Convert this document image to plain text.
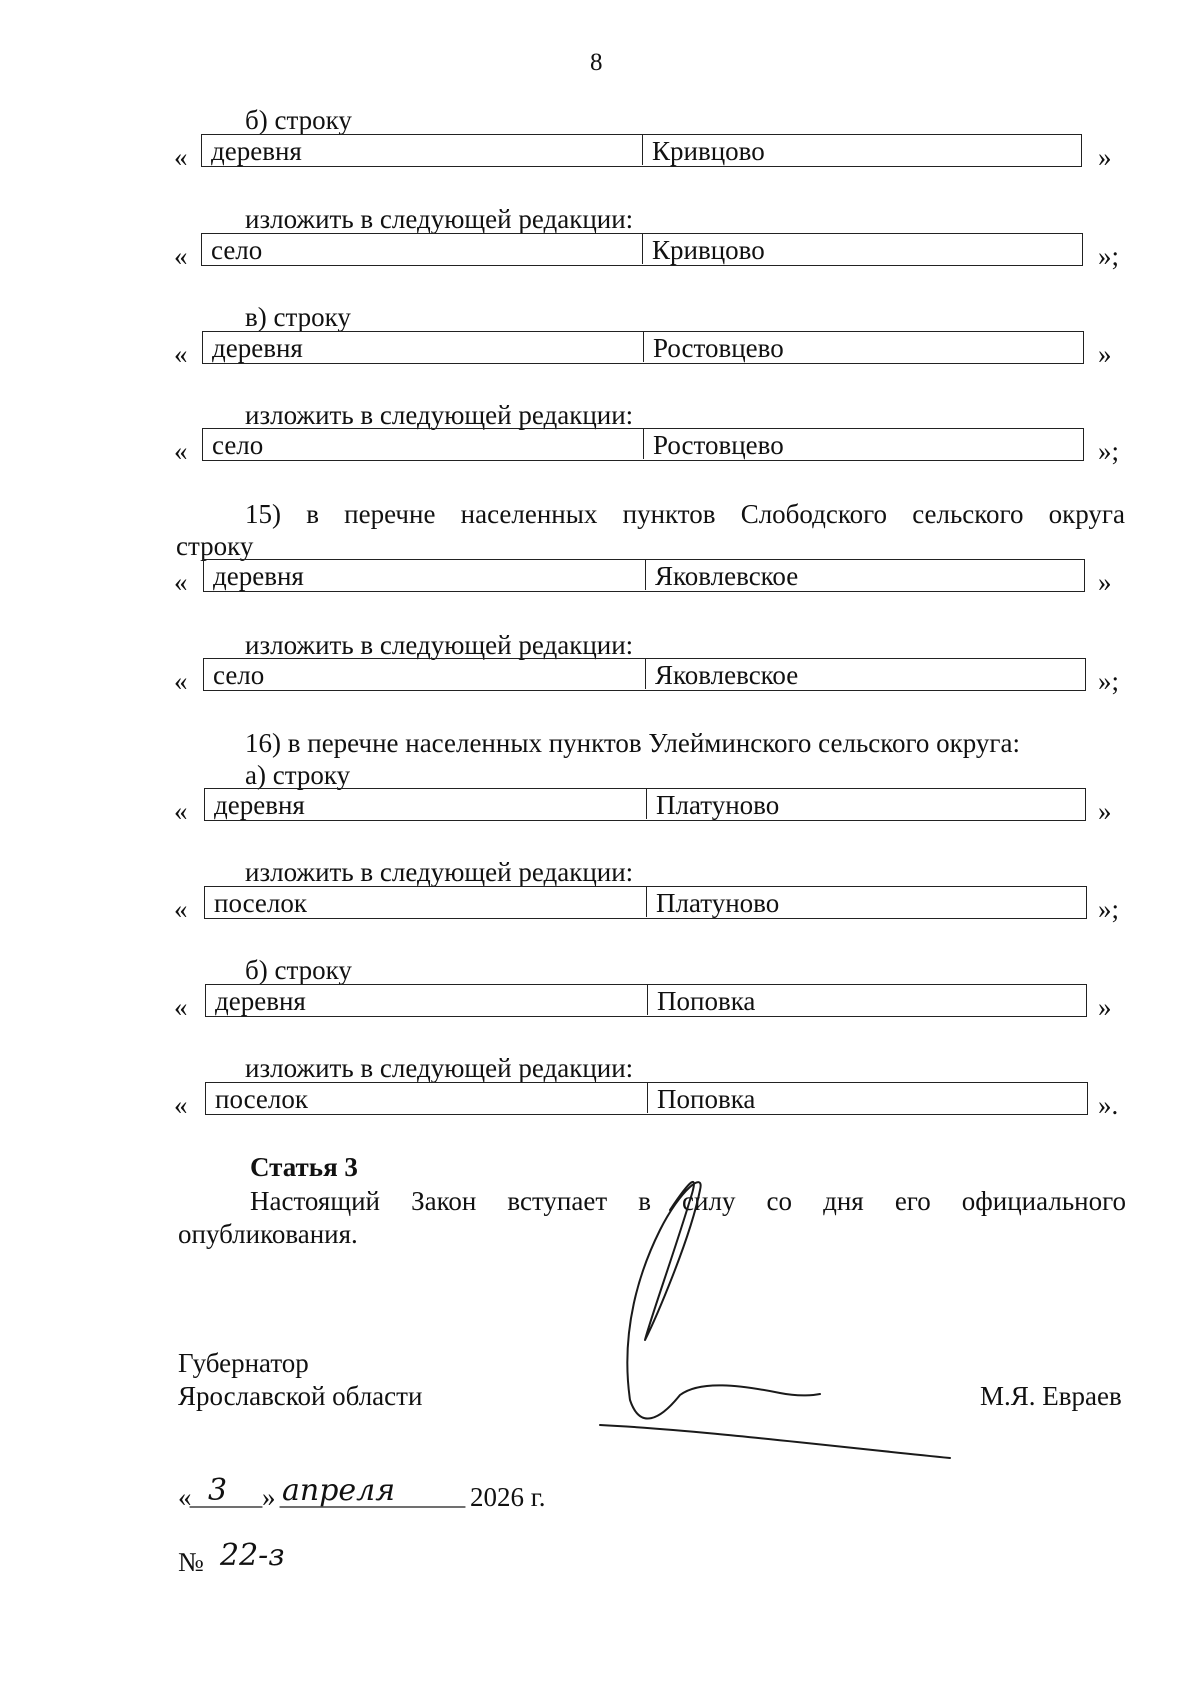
8
б) строку
« деревня	Кривцово	»
изложить в следующей редакции:
« село	Кривцово	»;
в) строку
« деревня	Ростовцево	»
изложить в следующей редакции:
« село	Ростовцево	»;
15) в перечне населенных пунктов Слободского сельского округа
строку
« деревня	Яковлевское	»
изложить в следующей редакции:
« село	Яковлевское	»;
16) в перечне населенных пунктов Улейминского сельского округа:
а) строку
« деревня	Платуново	»
изложить в следующей редакции:
« поселок	Платуново	»;
б) строку
«	деревня	Поповка	»
изложить в следующей редакции:
«	поселок	Поповка	».
Статья 3
Настоящий Закон вступает в силу со дня его официального
опубликования.
Губернатор
Ярославской области	М.Я. Евраев
« 3 » апреля	2026 г.
№ 22-з
